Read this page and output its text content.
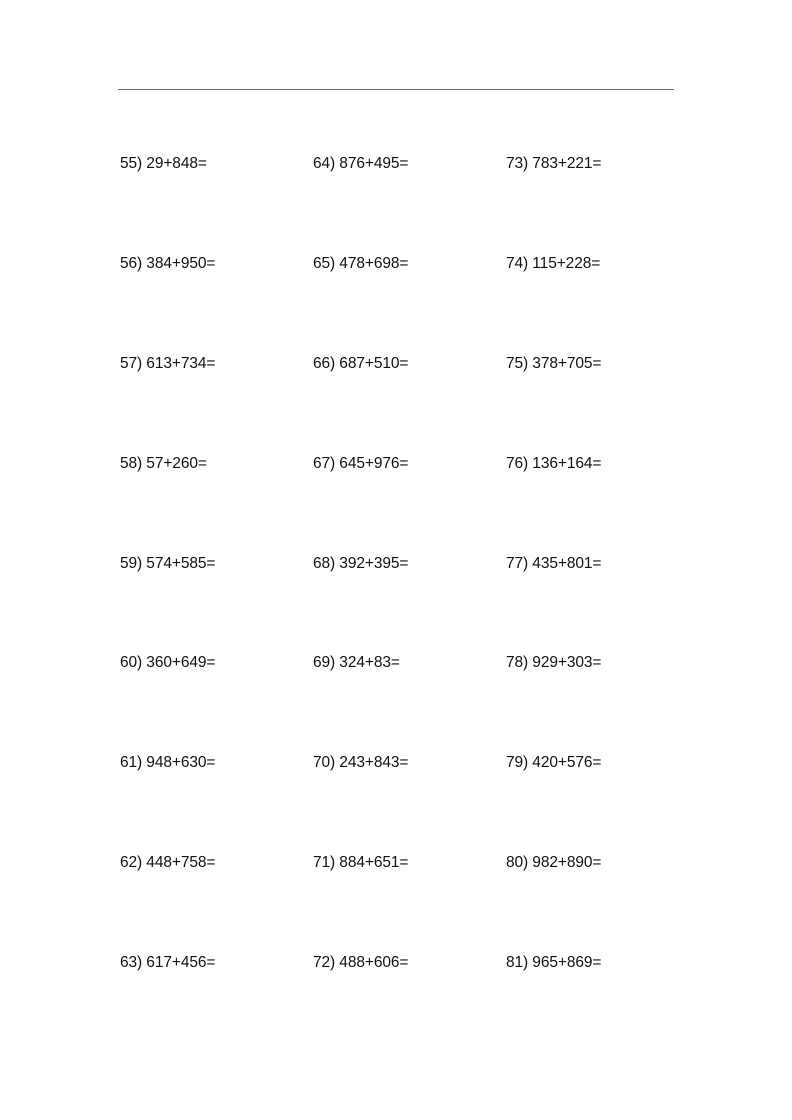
55) 29+848=	64) 876+495=	73) 783+221=
56) 384+950=	65) 478+698=	74) 115+228=
57) 613+734=	66) 687+510=	75) 378+705=
58) 57+260=	67) 645+976=	76) 136+164=
59) 574+585=	68) 392+395=	77) 435+801=
60) 360+649=	69) 324+83=	78) 929+303=
61) 948+630=	70) 243+843=	79) 420+576=
62) 448+758=	71) 884+651=	80) 982+890=
63) 617+456=	72) 488+606=	81) 965+869=
